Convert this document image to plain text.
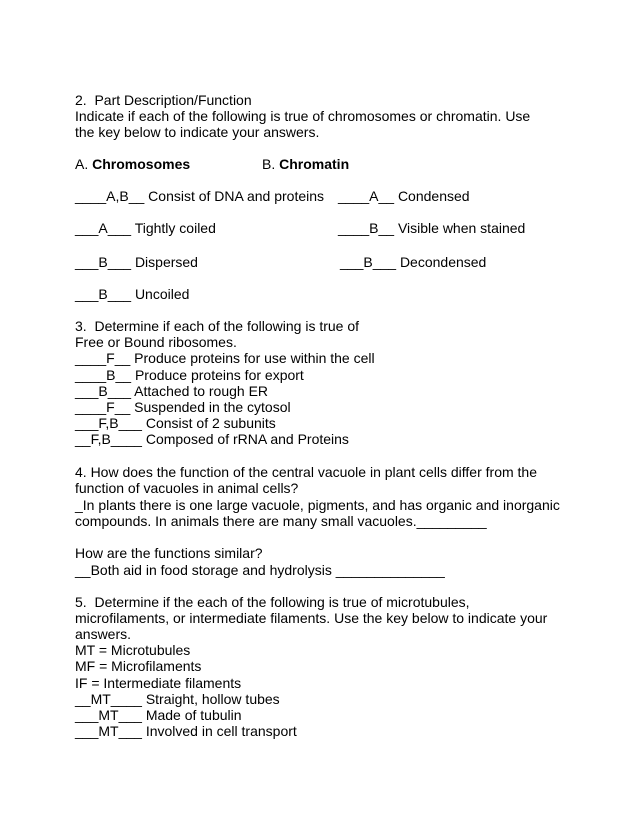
2.  Part Description/Function
Indicate if each of the following is true of chromosomes or chromatin. Use
the key below to indicate your answers.
A. Chromosomes	B. Chromatin
____A,B__ Consist of DNA and proteins ____A__ Condensed
___A___ Tightly coiled	____B__ Visible when stained
___B___ Dispersed	___B___ Decondensed
___B___ Uncoiled
3.  Determine if each of the following is true of
Free or Bound ribosomes.
____F__ Produce proteins for use within the cell
____B__ Produce proteins for export
___B___ Attached to rough ER
____F__ Suspended in the cytosol
___F,B___ Consist of 2 subunits
__F,B____ Composed of rRNA and Proteins
4. How does the function of the central vacuole in plant cells differ from the
function of vacuoles in animal cells?
_In plants there is one large vacuole, pigments, and has organic and inorganic
compounds. In animals there are many small vacuoles._________
How are the functions similar?
__Both aid in food storage and hydrolysis ______________
5.  Determine if the each of the following is true of microtubules,
microfilaments, or intermediate filaments. Use the key below to indicate your
answers.
MT = Microtubules
MF = Microfilaments
IF = Intermediate filaments
__MT____ Straight, hollow tubes
___MT___ Made of tubulin
___MT___ Involved in cell transport
